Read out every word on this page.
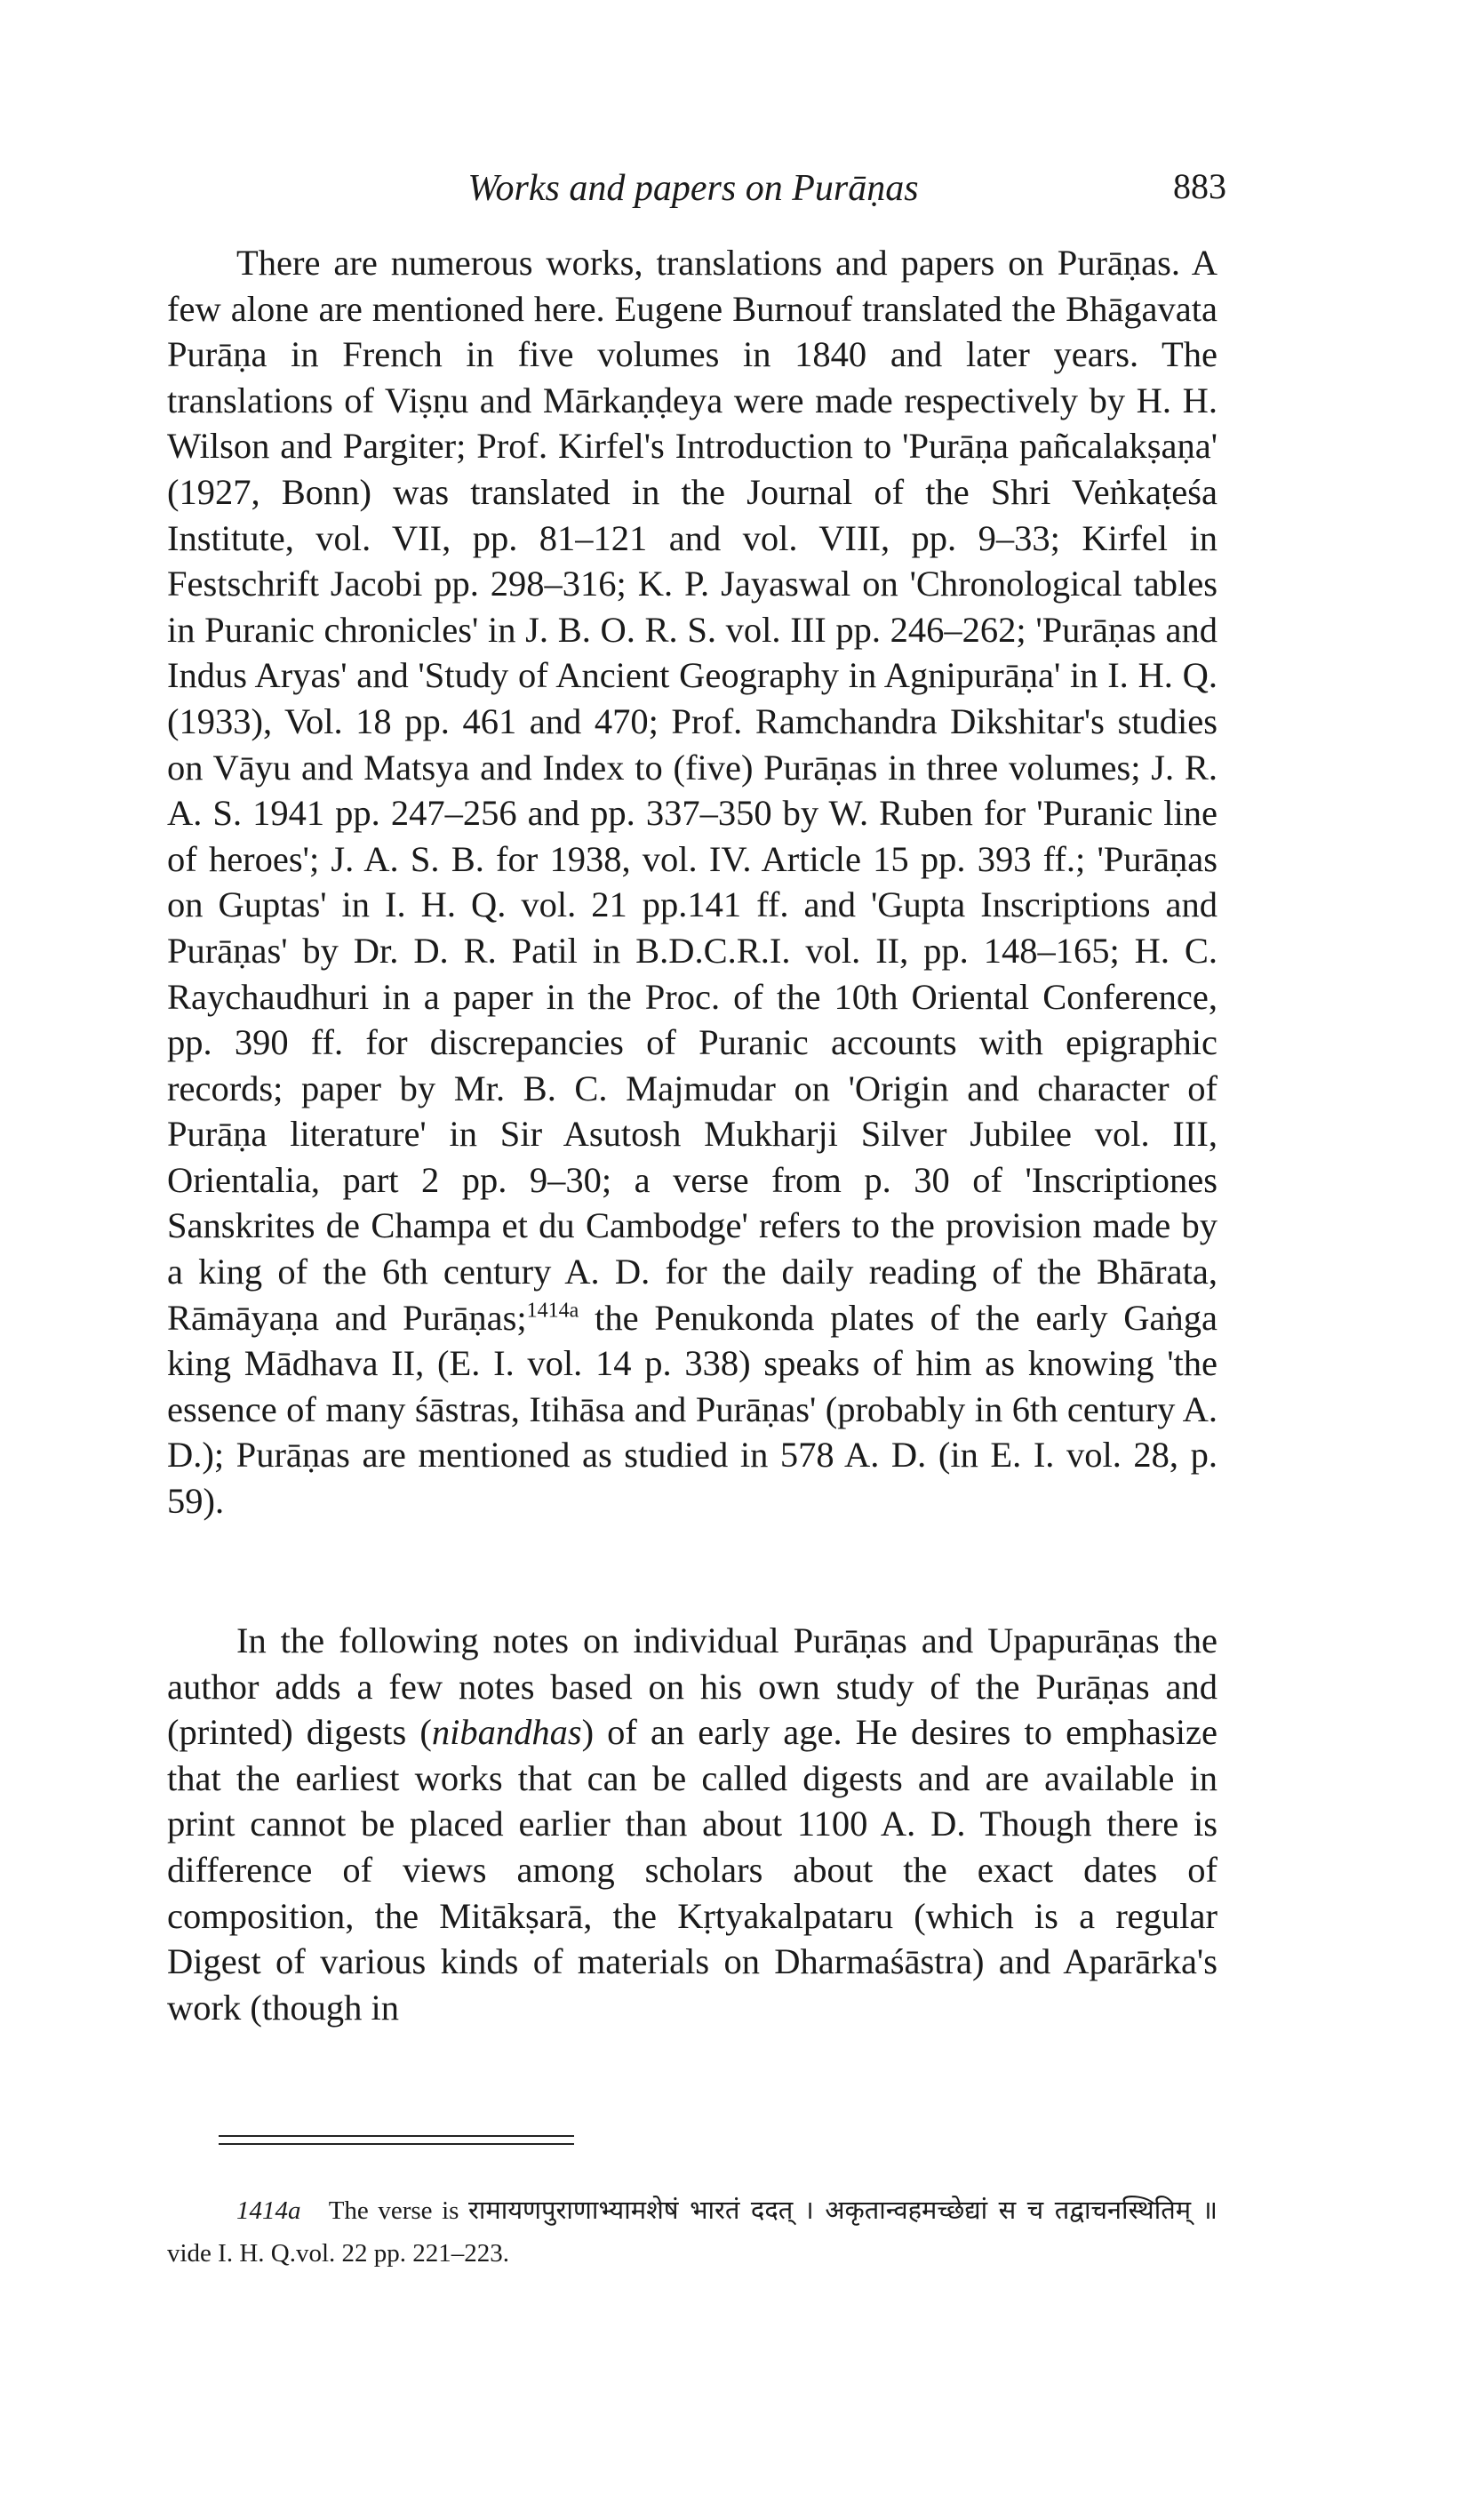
Works and papers on Purāṇas	883

There are numerous works, translations and papers on Purāṇas. A few alone are mentioned here. Eugene Burnouf translated the Bhāgavata Purāṇa in French in five volumes in 1840 and later years. The translations of Viṣṇu and Mārkaṇḍeya were made respectively by H. H. Wilson and Pargiter; Prof. Kirfel's Introduction to 'Purāṇa pañcalakṣaṇa' (1927, Bonn) was translated in the Journal of the Shri Veṅkaṭeśa Institute, vol. VII, pp. 81–121 and vol. VIII, pp. 9–33; Kirfel in Festschrift Jacobi pp. 298–316; K. P. Jayaswal on 'Chronological tables in Puranic chronicles' in J. B. O. R. S. vol. III pp. 246–262; 'Purāṇas and Indus Aryas' and 'Study of Ancient Geography in Agnipurāṇa' in I. H. Q. (1933), Vol. 18 pp. 461 and 470; Prof. Ramchandra Dikshitar's studies on Vāyu and Matsya and Index to (five) Purāṇas in three volumes; J. R. A. S. 1941 pp. 247–256 and pp. 337–350 by W. Ruben for 'Puranic line of heroes'; J. A. S. B. for 1938, vol. IV. Article 15 pp. 393 ff.; 'Purāṇas on Guptas' in I. H. Q. vol. 21 pp.141 ff. and 'Gupta Inscriptions and Purāṇas' by Dr. D. R. Patil in B.D.C.R.I. vol. II, pp. 148–165; H. C. Raychaudhuri in a paper in the Proc. of the 10th Oriental Conference, pp. 390 ff. for discrepancies of Puranic accounts with epigraphic records; paper by Mr. B. C. Majmudar on 'Origin and character of Purāṇa literature' in Sir Asutosh Mukharji Silver Jubilee vol. III, Orientalia, part 2 pp. 9–30; a verse from p. 30 of 'Inscriptiones Sanskrites de Champa et du Cambodge' refers to the provision made by a king of the 6th century A. D. for the daily reading of the Bhārata, Rāmāyaṇa and Purāṇas;$^{1414a}$ the Penukonda plates of the early Gaṅga king Mādhava II, (E. I. vol. 14 p. 338) speaks of him as knowing 'the essence of many śāstras, Itihāsa and Purāṇas' (probably in 6th century A. D.); Purāṇas are mentioned as studied in 578 A. D. (in E. I. vol. 28, p. 59).

In the following notes on individual Purāṇas and Upapurāṇas the author adds a few notes based on his own study of the Purāṇas and (printed) digests (nibandhas) of an early age. He desires to emphasize that the earliest works that can be called digests and are available in print cannot be placed earlier than about 1100 A. D. Though there is difference of views among scholars about the exact dates of composition, the Mitākṣarā, the Kṛtyakalpataru (which is a regular Digest of various kinds of materials on Dharmaśāstra) and Aparārka's work (though in

1414a The verse is रामायणपुराणाभ्यामशेषं भारतं ददत् । अकृतान्वहमच्छेद्यां स च तद्वाचनस्थितिम् ॥ vide I. H. Q.vol. 22 pp. 221–223.
